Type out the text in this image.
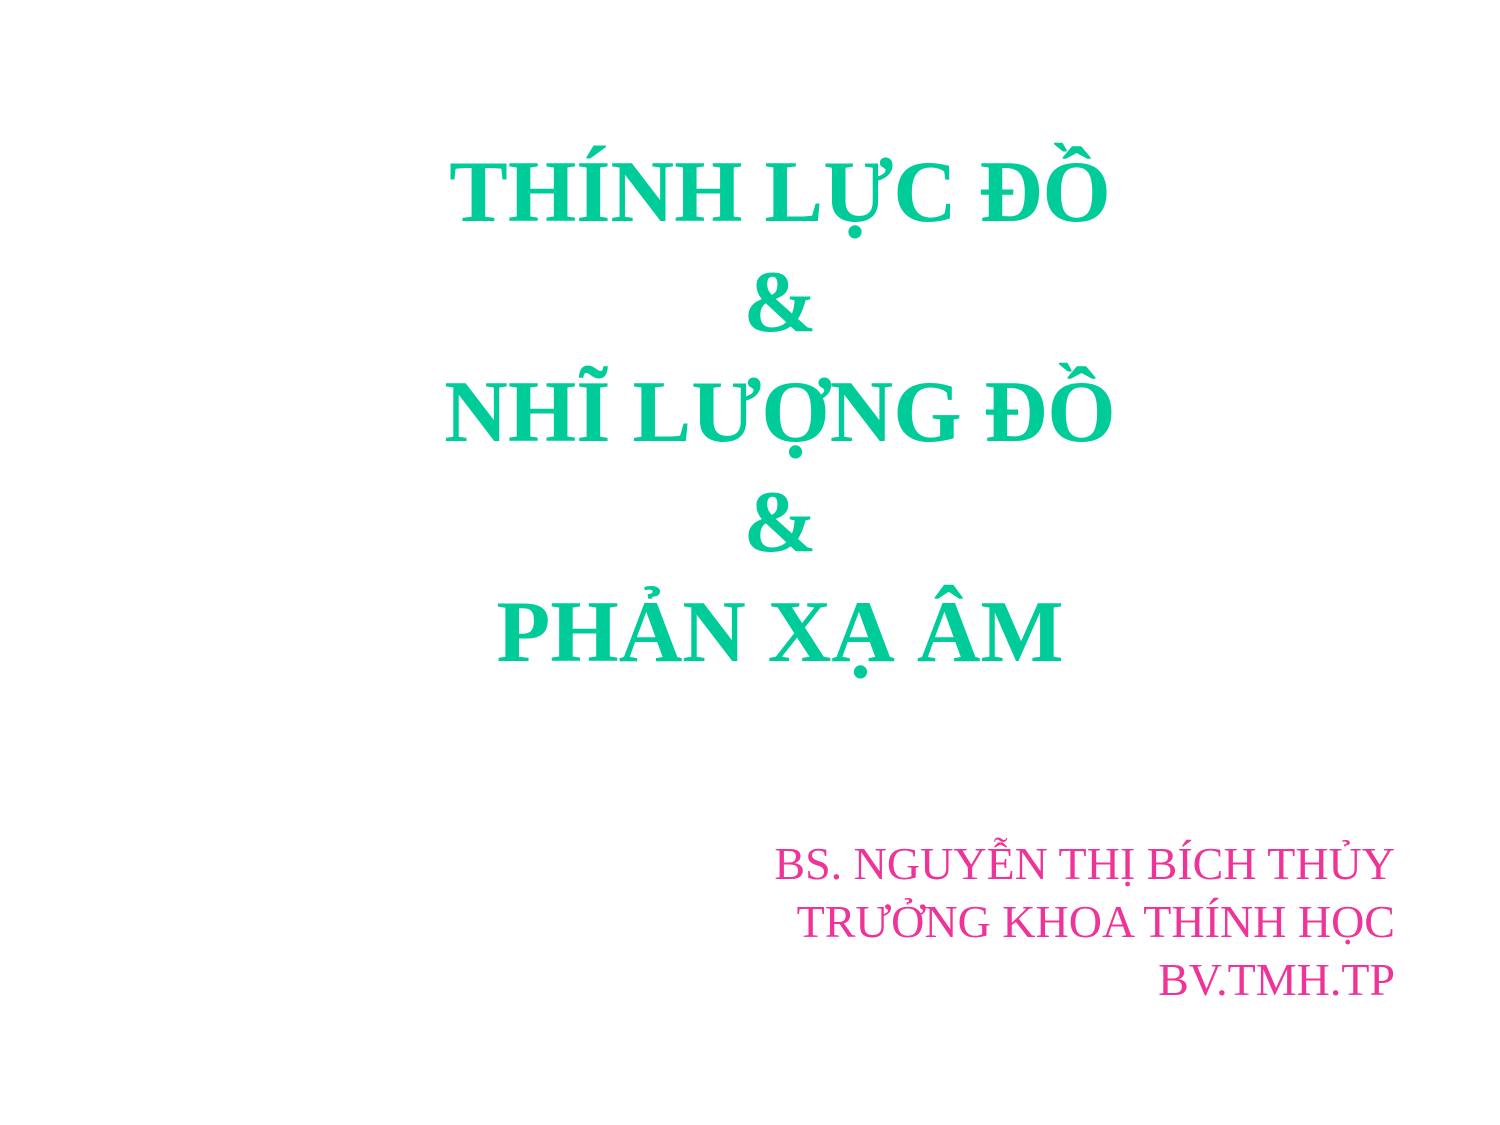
THÍNH LỰC ĐỒ
&
NHĨ LƯỢNG ĐỒ
&
PHẢN XẠ ÂM
BS. NGUYỄN THỊ BÍCH THỦY
TRƯỞNG KHOA THÍNH HỌC
BV.TMH.TP
